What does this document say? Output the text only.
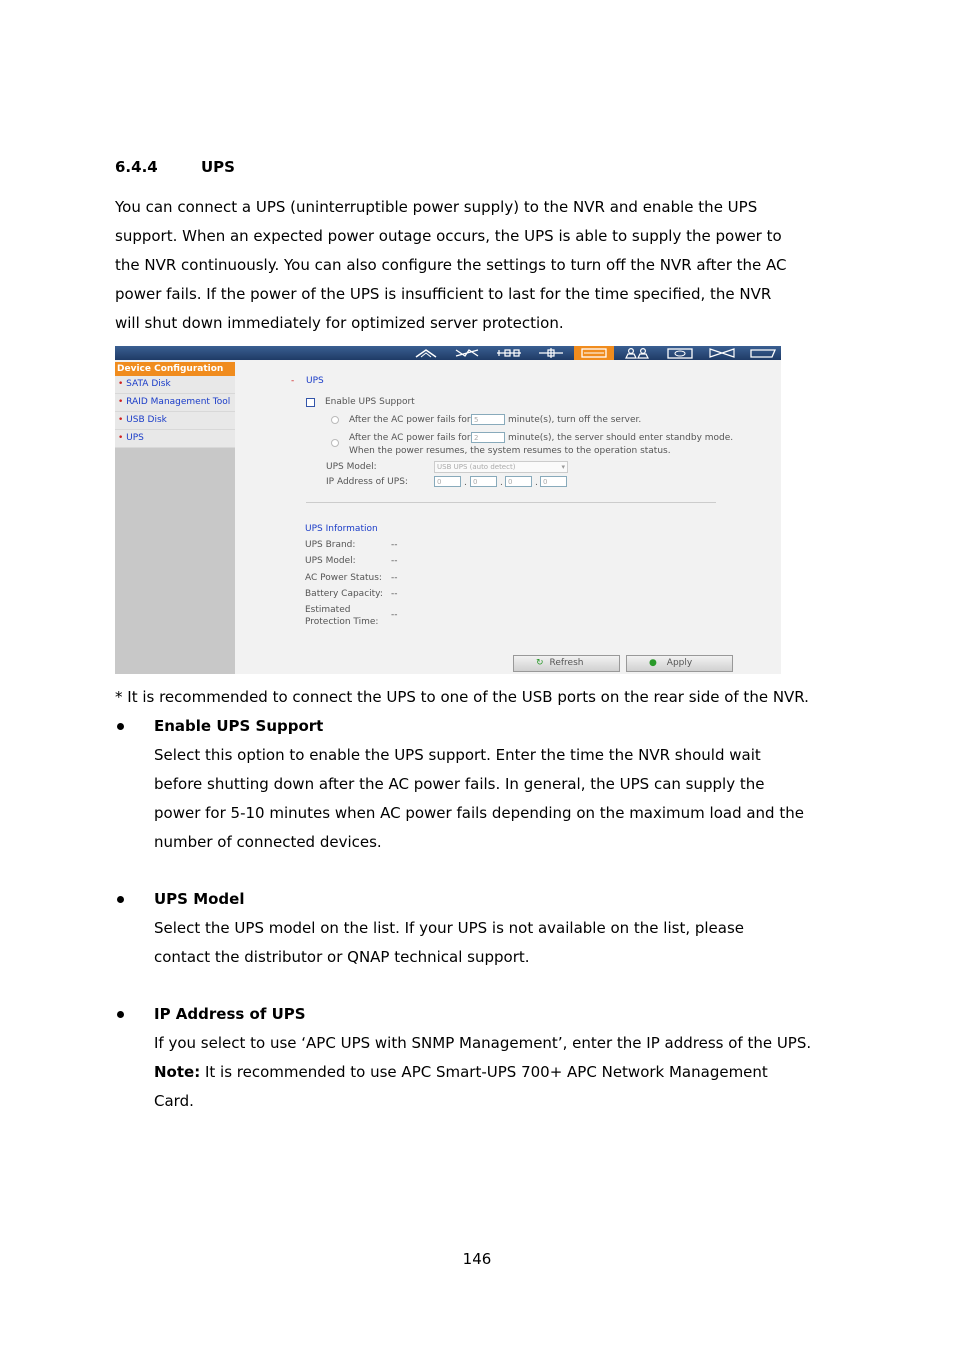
6.4.4	UPS
You can connect a UPS (uninterruptible power supply) to the NVR and enable the UPS
support. When an expected power outage occurs, the UPS is able to supply the power to
the NVR continuously. You can also configure the settings to turn off the NVR after the AC
power fails. If the power of the UPS is insufficient to last for the time specified, the NVR
will shut down immediately for optimized server protection.
Device Configuration
• SATA Disk
• RAID Management Tool
• USB Disk
• UPS
- UPS
Enable UPS Support
After the AC power fails for 5	minute(s), turn off the server.
After the AC power fails for 2	minute(s), the server should enter standby mode.
When the power resumes, the system resumes to the operation status.
UPS Model:	USB UPS (auto detect)	▾
IP Address of UPS:	0	. 0	. 0	. 0
UPS Information
UPS Brand:	--
UPS Model:	--
AC Power Status: --
Battery Capacity: --
Estimated
Protection Time:
--
↻ Refresh	●	Apply
* It is recommended to connect the UPS to one of the USB ports on the rear side of the NVR.
Enable UPS Support
Select this option to enable the UPS support. Enter the time the NVR should wait
before shutting down after the AC power fails. In general, the UPS can supply the
power for 5-10 minutes when AC power fails depending on the maximum load and the
number of connected devices.
UPS Model
Select the UPS model on the list. If your UPS is not available on the list, please
contact the distributor or QNAP technical support.
IP Address of UPS
If you select to use ‘APC UPS with SNMP Management’, enter the IP address of the UPS.
Note: It is recommended to use APC Smart-UPS 700+ APC Network Management
Card.
146
